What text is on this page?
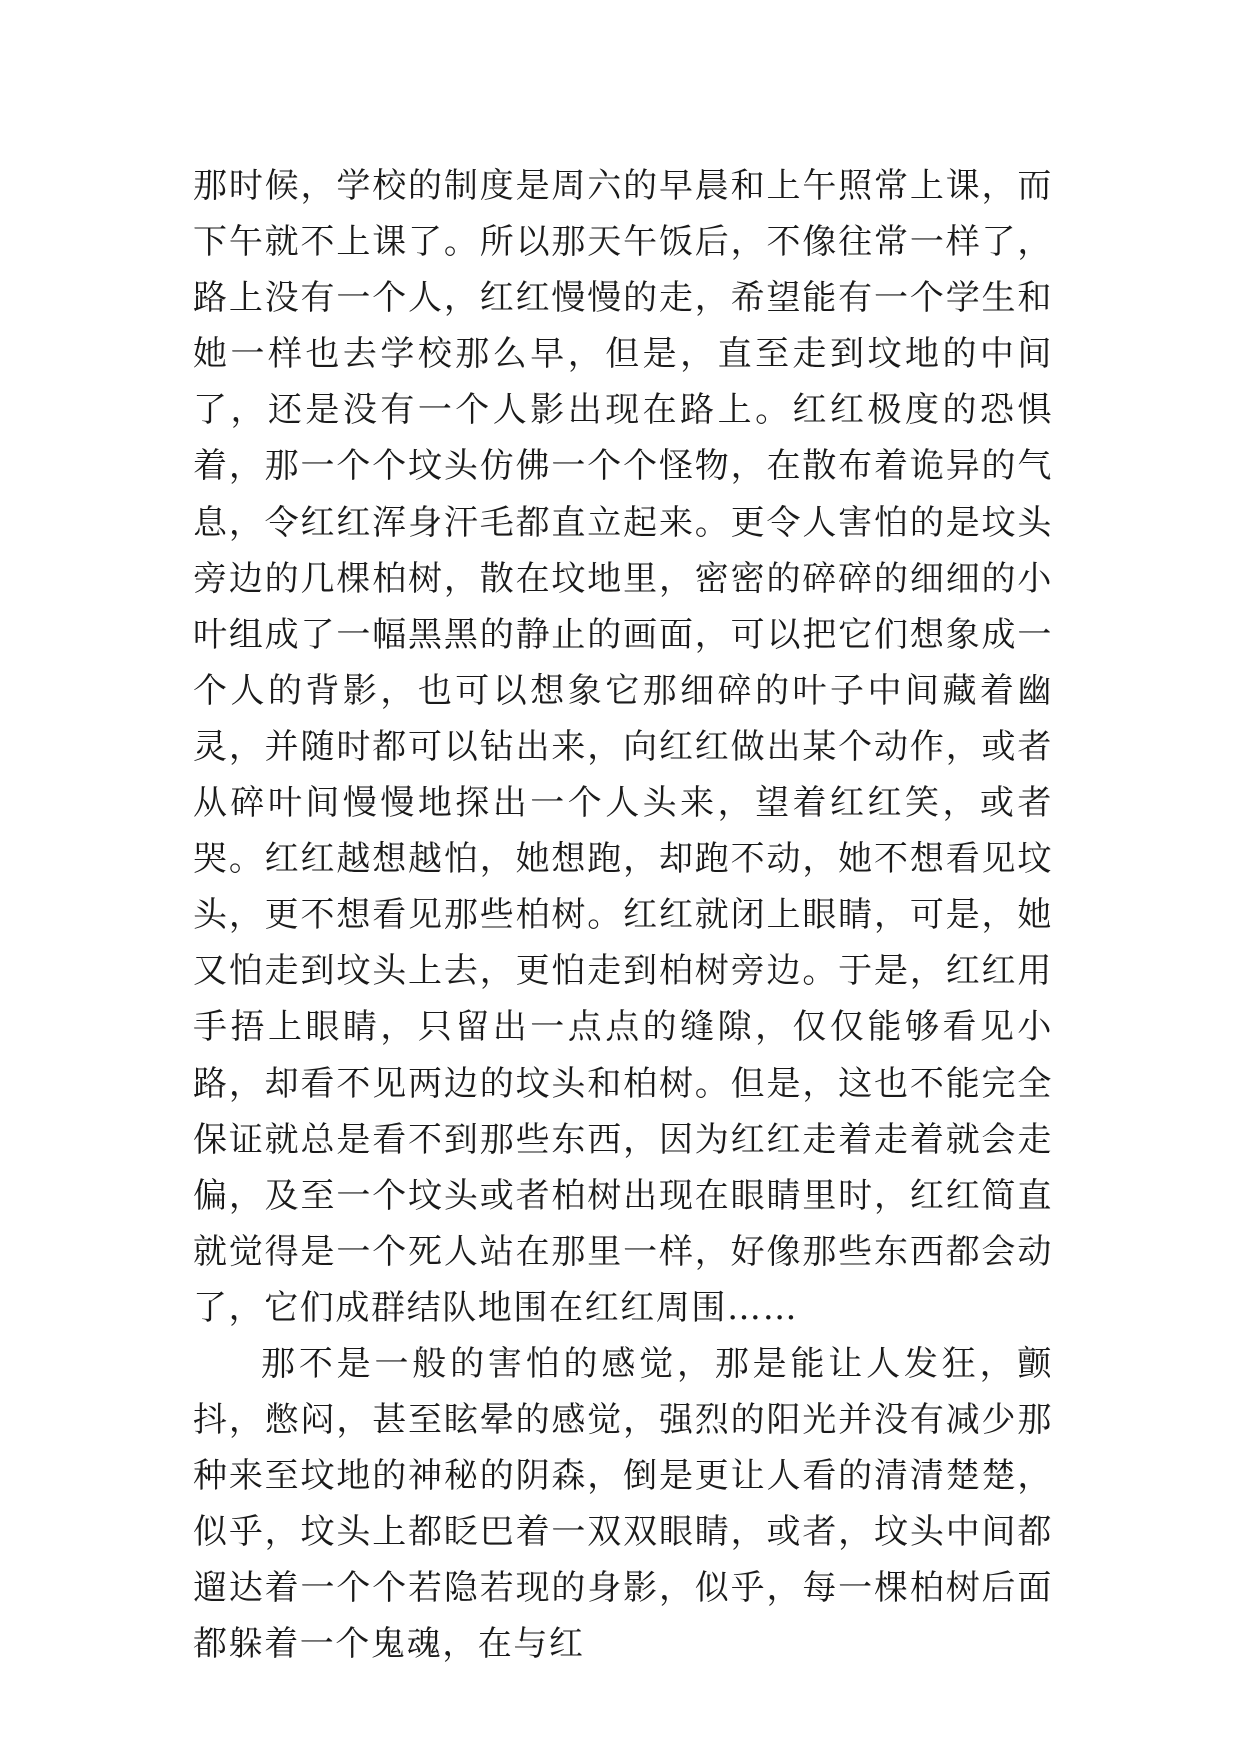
那时候，学校的制度是周六的早晨和上午照常上课，而下午就不上课了。所以那天午饭后，不像往常一样了，路上没有一个人，红红慢慢的走，希望能有一个学生和她一样也去学校那么早，但是，直至走到坟地的中间了，还是没有一个人影出现在路上。红红极度的恐惧着，那一个个坟头仿佛一个个怪物，在散布着诡异的气息，令红红浑身汗毛都直立起来。更令人害怕的是坟头旁边的几棵柏树，散在坟地里，密密的碎碎的细细的小叶组成了一幅黑黑的静止的画面，可以把它们想象成一个人的背影，也可以想象它那细碎的叶子中间藏着幽灵，并随时都可以钻出来，向红红做出某个动作，或者从碎叶间慢慢地探出一个人头来，望着红红笑，或者哭。红红越想越怕，她想跑，却跑不动，她不想看见坟头，更不想看见那些柏树。红红就闭上眼睛，可是，她又怕走到坟头上去，更怕走到柏树旁边。于是，红红用手捂上眼睛，只留出一点点的缝隙，仅仅能够看见小路，却看不见两边的坟头和柏树。但是，这也不能完全保证就总是看不到那些东西，因为红红走着走着就会走偏，及至一个坟头或者柏树出现在眼睛里时，红红简直就觉得是一个死人站在那里一样，好像那些东西都会动了，它们成群结队地围在红红周围……

那不是一般的害怕的感觉，那是能让人发狂，颤抖，憋闷，甚至眩晕的感觉，强烈的阳光并没有减少那种来至坟地的神秘的阴森，倒是更让人看的清清楚楚，似乎，坟头上都眨巴着一双双眼睛，或者，坟头中间都遛达着一个个若隐若现的身影，似乎，每一棵柏树后面都躲着一个鬼魂，在与红
